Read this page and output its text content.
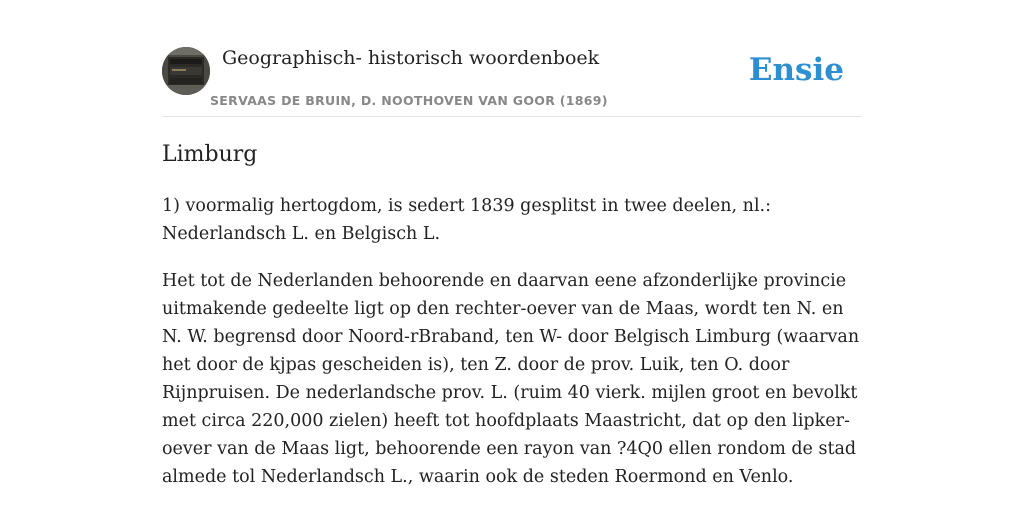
Geographisch- historisch woordenboek
SERVAAS DE BRUIN, D. NOOTHOVEN VAN GOOR (1869)
Ensie
Limburg

1) voormalig hertogdom, is sedert 1839 gesplitst in twee deelen, nl.: Nederlandsch L. en Belgisch L.

Het tot de Nederlanden behoorende en daarvan eene afzonderlijke provincie uitmakende gedeelte ligt op den rechter-oever van de Maas, wordt ten N. en N. W. begrensd door Noord-rBraband, ten W- door Belgisch Limburg (waarvan het door de kjpas gescheiden is), ten Z. door de prov. Luik, ten O. door Rijnpruisen. De nederlandsche prov. L. (ruim 40 vierk. mijlen groot en bevolkt met circa 220,000 zielen) heeft tot hoofdplaats Maastricht, dat op den lipker-oever van de Maas ligt, behoorende een rayon van ?4Q0 ellen rondom de stad almede tol Nederlandsch L., waarin ook de steden Roermond en Venlo.
